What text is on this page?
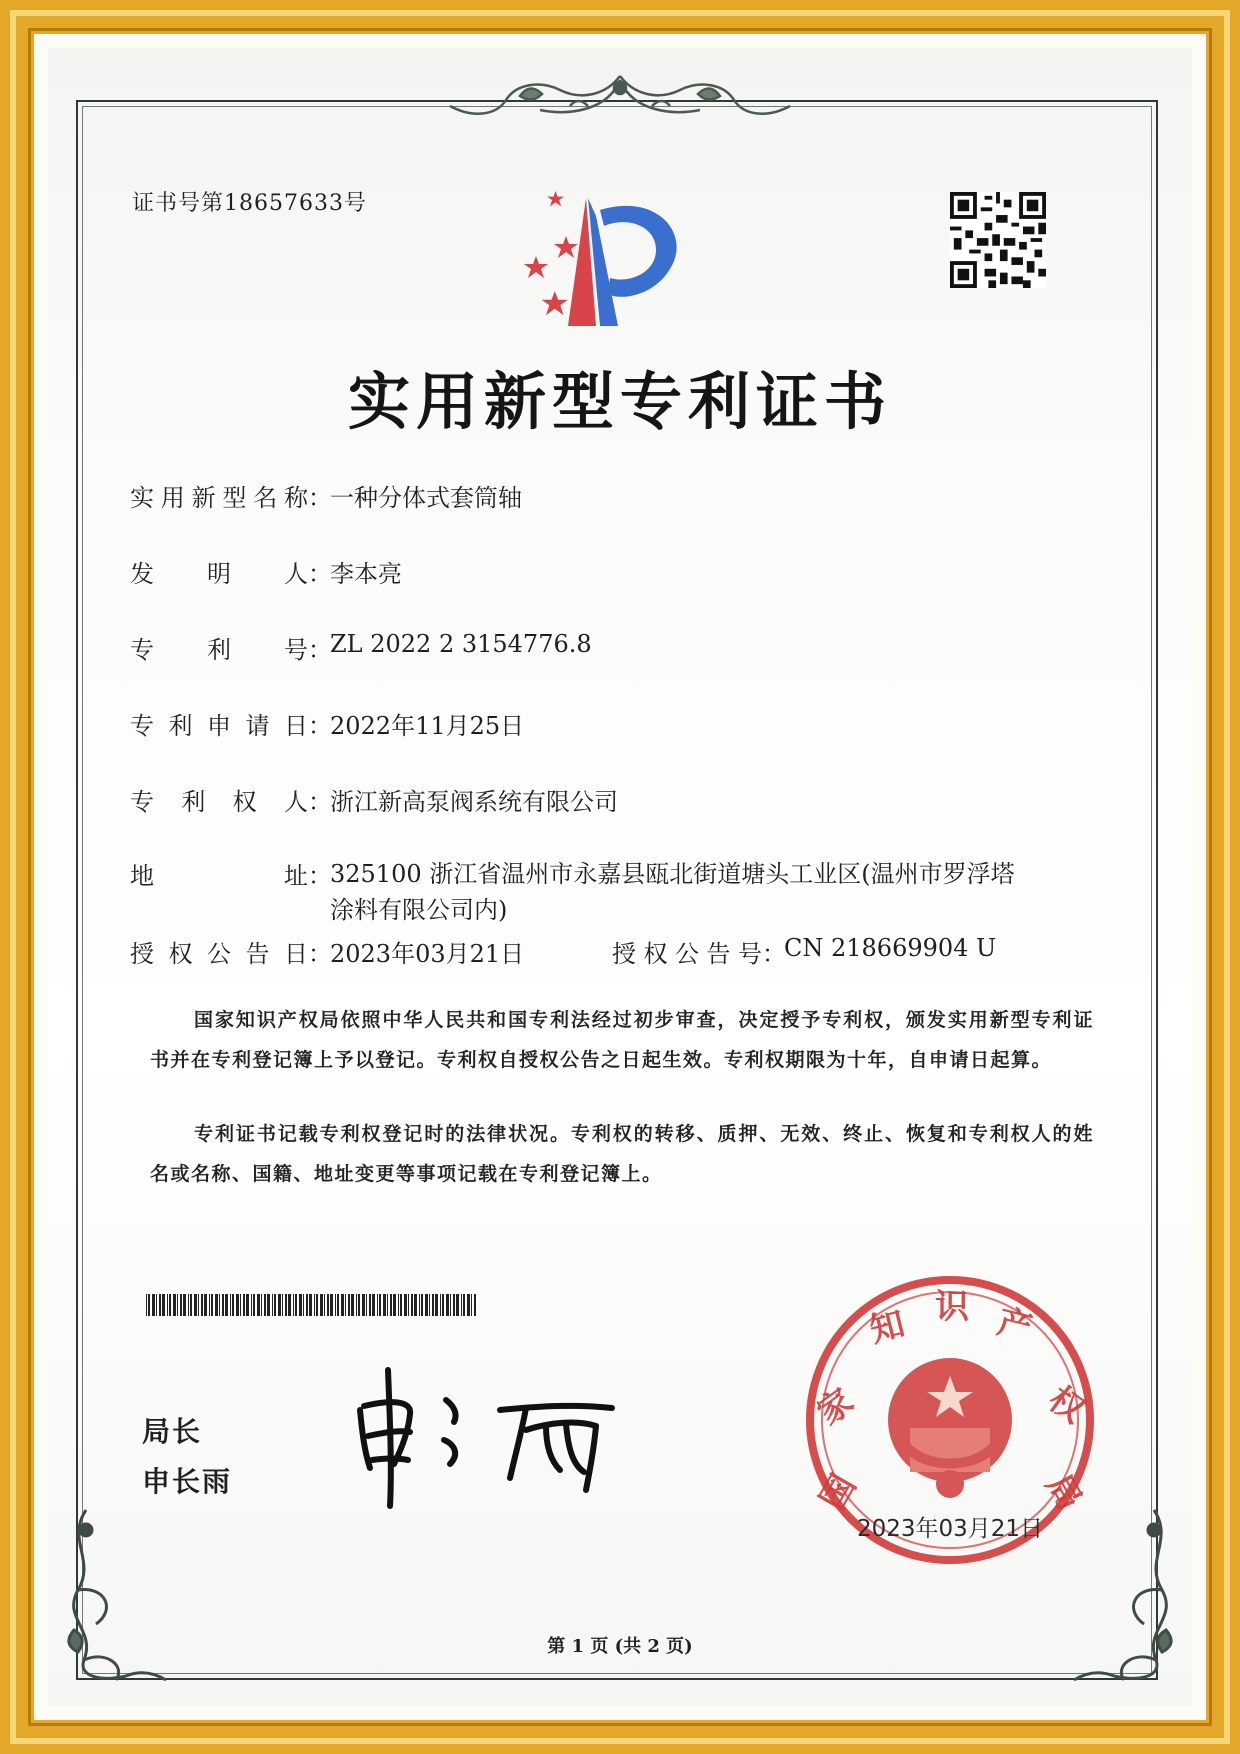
证书号第18657633号
实用新型专利证书
实用新型名称 ：
一种分体式套筒轴
发明人 ：
李本亮
专利号 ：
ZL 2022 2 3154776.8
专利申请日 ：
2022年11月25日
专利权人 ：
浙江新高泵阀系统有限公司
地址 ：
325100 浙江省温州市永嘉县瓯北街道塘头工业区(温州市罗浮塔涂料有限公司内)
授权公告日 ：
2023年03月21日	授权公告号 ：
CN 218669904 U
国家知识产权局依照中华人民共和国专利法经过初步审查，决定授予专利权，颁发实用新型专利证书并在专利登记簿上予以登记。专利权自授权公告之日起生效。专利权期限为十年，自申请日起算。
专利证书记载专利权登记时的法律状况。专利权的转移、质押、无效、终止、恢复和专利权人的姓名或名称、国籍、地址变更等事项记载在专利登记簿上。
局长
申长雨	国
家
知 识 产
权
局
2023年03月21日
第 1 页 (共 2 页)
